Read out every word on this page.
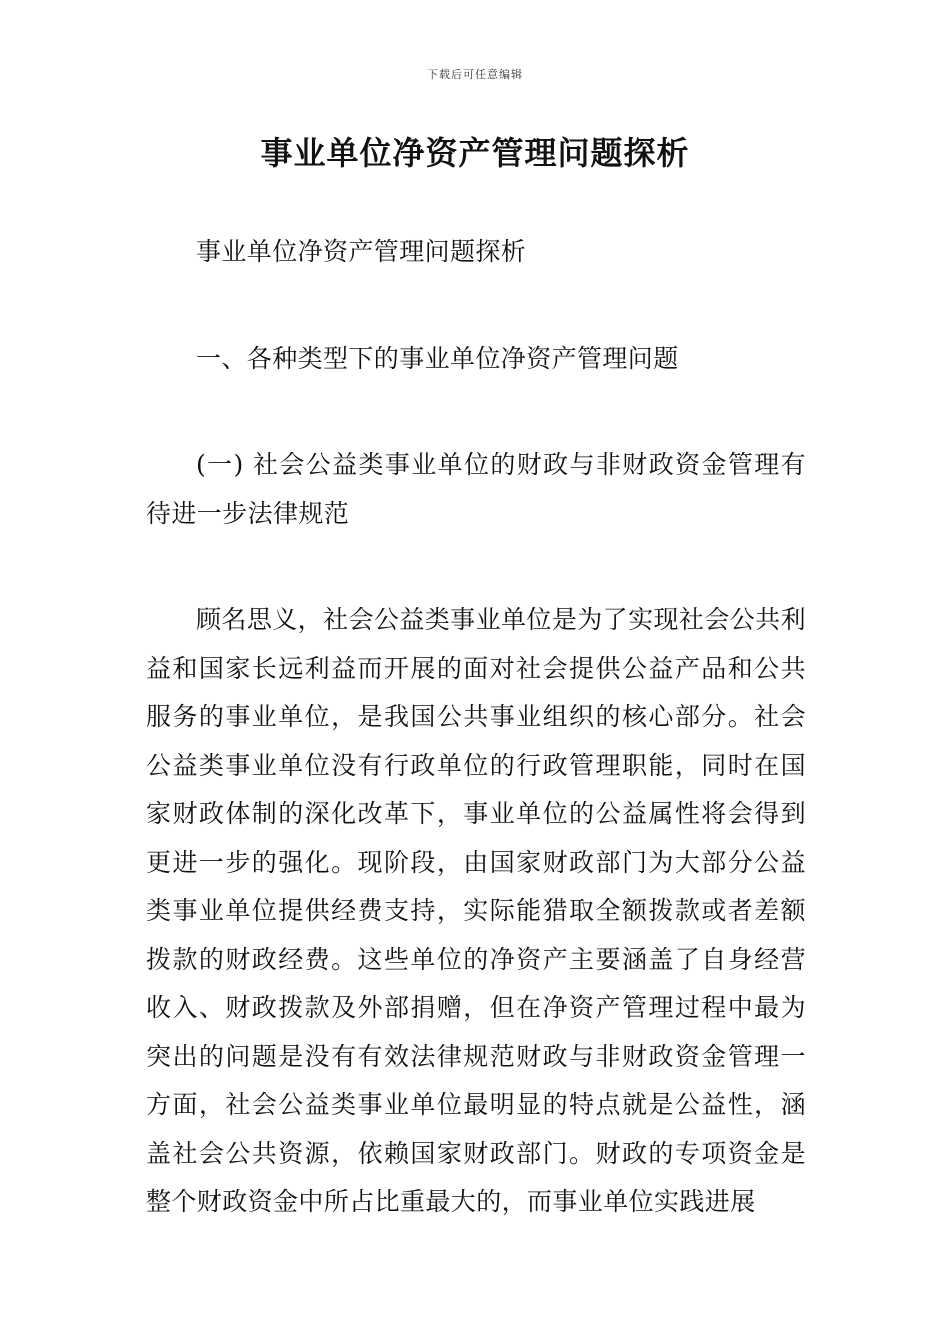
下载后可任意编辑
事业单位净资产管理问题探析

事业单位净资产管理问题探析

一、各种类型下的事业单位净资产管理问题

(一) 社会公益类事业单位的财政与非财政资金管理有待进一步法律规范

顾名思义，社会公益类事业单位是为了实现社会公共利益和国家长远利益而开展的面对社会提供公益产品和公共服务的事业单位，是我国公共事业组织的核心部分。社会公益类事业单位没有行政单位的行政管理职能，同时在国家财政体制的深化改革下，事业单位的公益属性将会得到更进一步的强化。现阶段，由国家财政部门为大部分公益类事业单位提供经费支持，实际能猎取全额拨款或者差额拨款的财政经费。这些单位的净资产主要涵盖了自身经营收入、财政拨款及外部捐赠，但在净资产管理过程中最为突出的问题是没有有效法律规范财政与非财政资金管理一方面，社会公益类事业单位最明显的特点就是公益性，涵盖社会公共资源，依赖国家财政部门。财政的专项资金是整个财政资金中所占比重最大的，而事业单位实践进展
